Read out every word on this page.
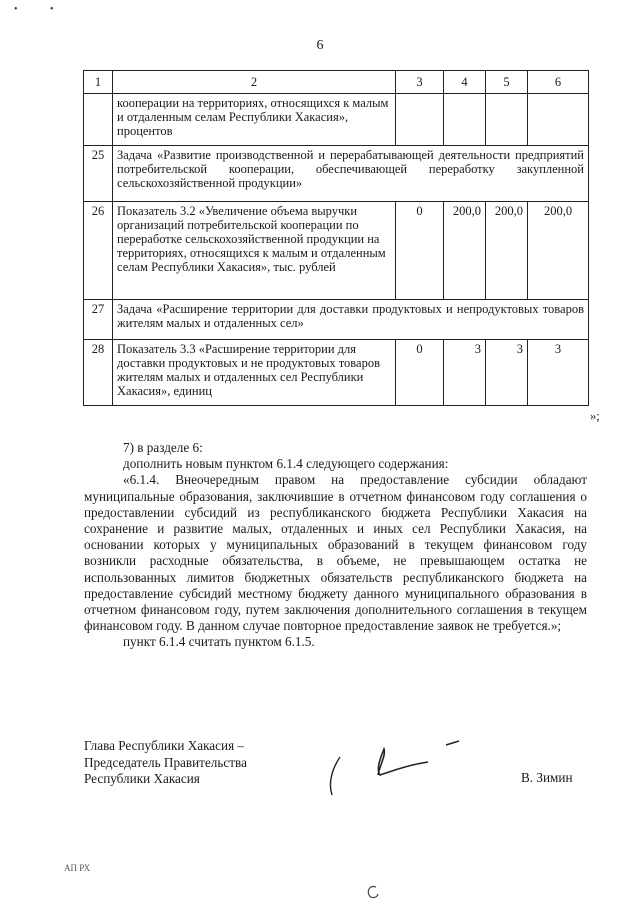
6
•	•
1	2	3	4	5	6
	кооперации на территориях, относящихся к малым и отдаленным селам Республики Хакасия», процентов				
25	Задача «Развитие производственной и перерабатывающей деятельности предприятий потребительской кооперации, обеспечивающей переработку закупленной сельскохозяйственной продукции»				
26	Показатель 3.2 «Увеличение объема выручки организаций потребительской кооперации по переработке сельскохозяйственной продукции на территориях, относящихся к малым и отдаленным селам Республики Хакасия», тыс. рублей	0	200,0	200,0	200,0
27	Задача «Расширение территории для доставки продуктовых и непродуктовых товаров жителям малых и отдаленных сел»				
28	Показатель 3.3 «Расширение территории для доставки продуктовых и не продуктовых товаров жителям малых и отдаленных сел Республики Хакасия», единиц	0	3	3	3
»;

7) в разделе 6:

дополнить новым пунктом 6.1.4 следующего содержания:

«6.1.4. Внеочередным правом на предоставление субсидии обладают муниципальные образования, заключившие в отчетном финансовом году соглашения о предоставлении субсидий из республиканского бюджета Республики Хакасия на сохранение и развитие малых, отдаленных и иных сел Республики Хакасия, на основании которых у муниципальных образований в текущем финансовом году возникли расходные обязательства, в объеме, не превышающем остатка не использованных лимитов бюджетных обязательств республиканского бюджета на предоставление субсидий местному бюджету данного муниципального образования в отчетном финансовом году, путем заключения дополнительного соглашения в текущем финансовом году. В данном случае повторное предоставление заявок не требуется.»;

пункт 6.1.4 считать пунктом 6.1.5.

Глава Республики Хакасия –
Председатель Правительства
Республики Хакасия	В. Зимин
АП РХ
